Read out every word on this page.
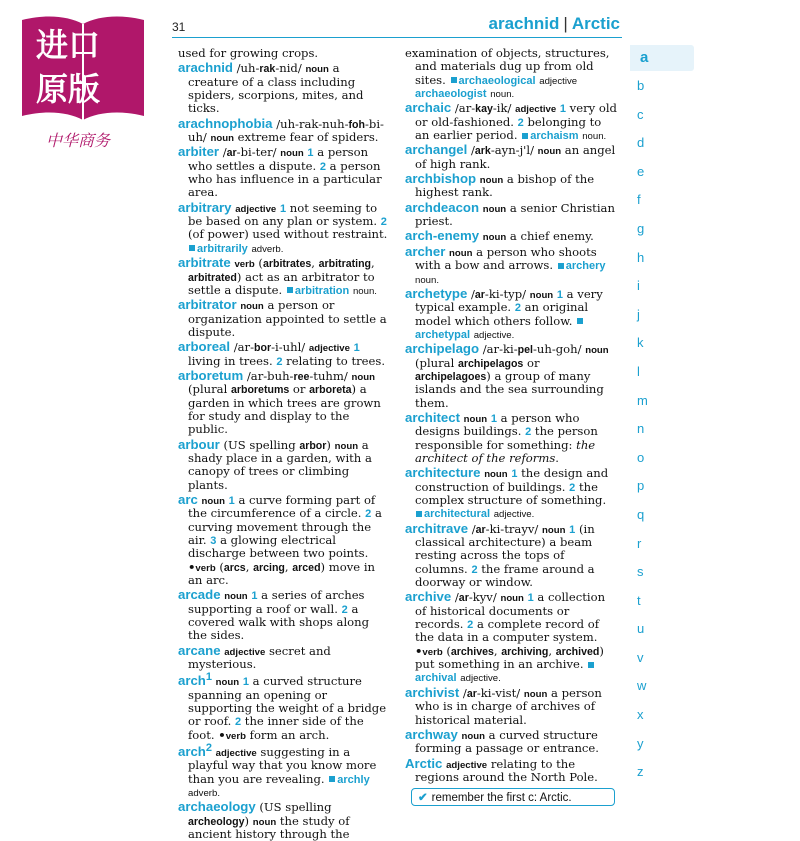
进口
原版
中华商务
31	arachnid | Arctic
used for growing crops.
arachnid /uh-rak-nid/ noun a creature of a class including spiders, scorpions, mites, and ticks.
arachnophobia /uh-rak-nuh-foh-bi-uh/ noun extreme fear of spiders.
arbiter /ar-bi-ter/ noun 1 a person who settles a dispute. 2 a person who has influence in a particular area.
arbitrary adjective 1 not seeming to be based on any plan or system. 2 (of power) used without restraint. arbitrarily adverb.
arbitrate verb (arbitrates, arbitrating, arbitrated) act as an arbitrator to settle a dispute. arbitration noun.
arbitrator noun a person or organization appointed to settle a dispute.
arboreal /ar-bor-i-uhl/ adjective 1 living in trees. 2 relating to trees.
arboretum /ar-buh-ree-tuhm/ noun (plural arboretums or arboreta) a garden in which trees are grown for study and display to the public.
arbour (US spelling arbor) noun a shady place in a garden, with a canopy of trees or climbing plants.
arc noun 1 a curve forming part of the circumference of a circle. 2 a curving movement through the air. 3 a glowing electrical discharge between two points. •verb (arcs, arcing, arced) move in an arc.
arcade noun 1 a series of arches supporting a roof or wall. 2 a covered walk with shops along the sides.
arcane adjective secret and mysterious.
arch$^1$ noun 1 a curved structure spanning an opening or supporting the weight of a bridge or roof. 2 the inner side of the foot. •verb form an arch.
arch$^2$ adjective suggesting in a playful way that you know more than you are revealing. archly adverb.
archaeology (US spelling archeology) noun the study of ancient history through the
examination of objects, structures, and materials dug up from old sites. archaeological adjective archaeologist noun.
archaic /ar-kay-ik/ adjective 1 very old or old-fashioned. 2 belonging to an earlier period. archaism noun.
archangel /ark-ayn-j'l/ noun an angel of high rank.
archbishop noun a bishop of the highest rank.
archdeacon noun a senior Christian priest.
arch-enemy noun a chief enemy.
archer noun a person who shoots with a bow and arrows. archery noun.
archetype /ar-ki-typ/ noun 1 a very typical example. 2 an original model which others follow. archetypal adjective.
archipelago /ar-ki-pel-uh-goh/ noun (plural archipelagos or archipelagoes) a group of many islands and the sea surrounding them.
architect noun 1 a person who designs buildings. 2 the person responsible for something: the architect of the reforms.
architecture noun 1 the design and construction of buildings. 2 the complex structure of something. architectural adjective.
architrave /ar-ki-trayv/ noun 1 (in classical architecture) a beam resting across the tops of columns. 2 the frame around a doorway or window.
archive /ar-kyv/ noun 1 a collection of historical documents or records. 2 a complete record of the data in a computer system. •verb (archives, archiving, archived) put something in an archive. archival adjective.
archivist /ar-ki-vist/ noun a person who is in charge of archives of historical material.
archway noun a curved structure forming a passage or entrance.
Arctic adjective relating to the regions around the North Pole.
✔ remember the first c: Arctic.
a
b
c
d
e
f
g
h
i
j
k
l
m
n
o
p
q
r
s
t
u
v
w
x
y
z
